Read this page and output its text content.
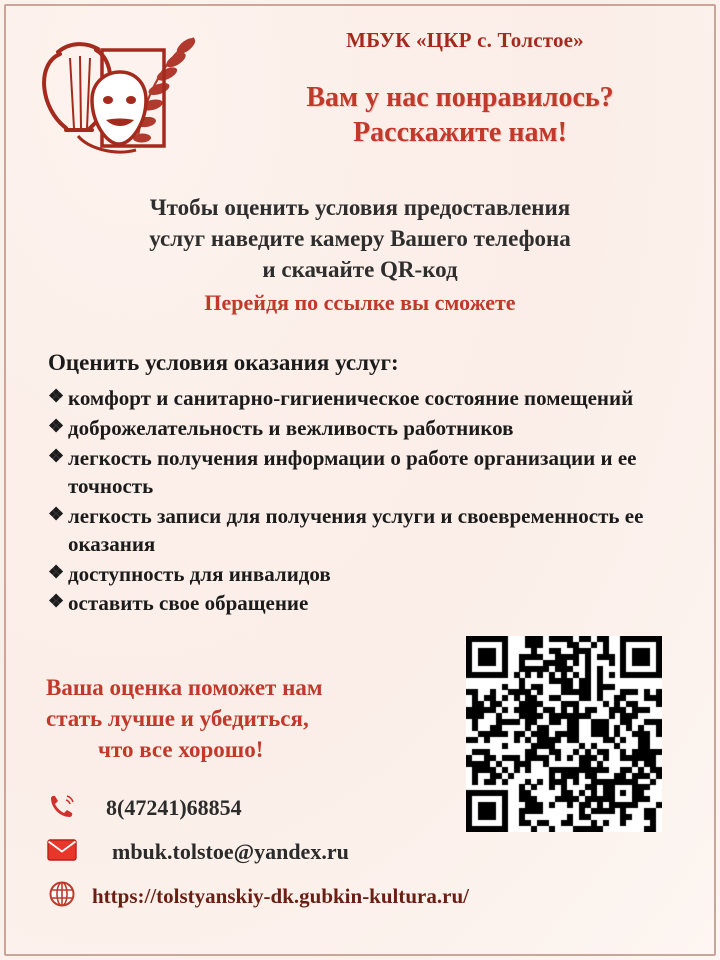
МБУК «ЦКР с. Толстое»
Вам у нас понравилось?
Расскажите нам!
Чтобы оценить условия предоставления
услуг наведите камеру Вашего телефона
и скачайте QR-код
Перейдя по ссылке вы сможете
Оценить условия оказания услуг:
❖ комфорт и санитарно-гигиеническое состояние помещений
❖ доброжелательность и вежливость работников
❖ легкость получения информации о работе организации и ее точность
❖ легкость записи для получения услуги и своевременность ее оказания
❖ доступность для инвалидов
❖ оставить свое обращение
Ваша оценка поможет нам
стать лучше и убедиться,
что все хорошо!
8(47241)68854
mbuk.tolstoe@yandex.ru
https://tolstyanskiy-dk.gubkin-kultura.ru/
